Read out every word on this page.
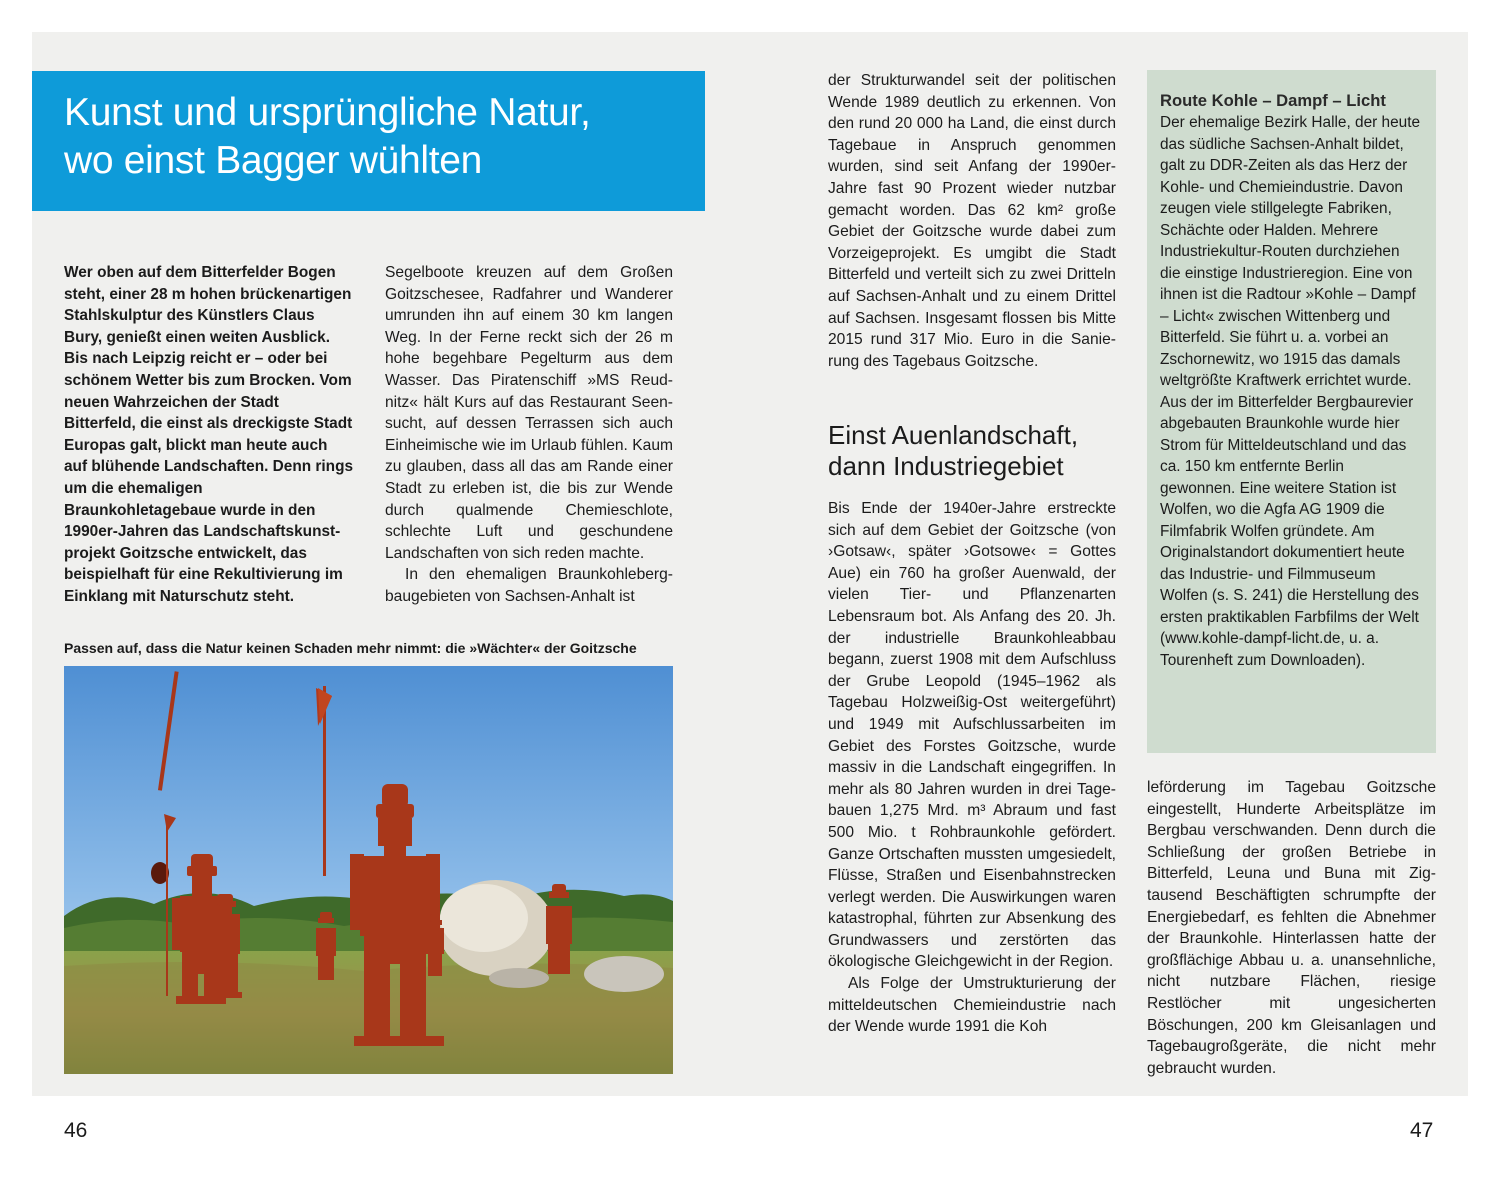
Kunst und ursprüngliche Natur,
wo einst Bagger wühlten

Wer oben auf dem Bitterfelder Bogen steht, einer 28 m hohen brückenartigen Stahlskulptur des Künstlers Claus Bury, genießt einen weiten Ausblick. Bis nach Leipzig reicht er – oder bei schönem Wetter bis zum Brocken. Vom neuen Wahrzeichen der Stadt Bitterfeld, die einst als dreckigste Stadt Europas galt, blickt man heute auch auf blühende Landschaften. Denn rings um die ehemaligen Braunkohletagebaue wurde in den 1990er-Jahren das Landschaftskunstprojekt Goitzsche entwickelt, das beispielhaft für eine Rekultivierung im Einklang mit Naturschutz steht.

Segelboote kreuzen auf dem Großen Goitzschesee, Radfahrer und Wanderer umrunden ihn auf einem 30 km langen Weg. In der Ferne reckt sich der 26 m hohe begehbare Pegelturm aus dem Wasser. Das Piratenschiff »MS Reudnitz« hält Kurs auf das Restaurant Seensucht, auf dessen Terrassen sich auch Einheimische wie im Urlaub fühlen. Kaum zu glauben, dass all das am Rande einer Stadt zu erleben ist, die bis zur Wende durch qualmende Chemieschlote, schlechte Luft und geschundene Landschaften von sich reden machte.

In den ehemaligen Braunkohlebergbaugebieten von Sachsen-Anhalt ist

Passen auf, dass die Natur keinen Schaden mehr nimmt: die »Wächter« der Goitzsche
46

der Strukturwandel seit der politischen Wende 1989 deutlich zu erkennen. Von den rund 20 000 ha Land, die einst durch Tagebaue in Anspruch genommen wurden, sind seit Anfang der 1990er-Jahre fast 90 Prozent wieder nutzbar gemacht worden. Das 62 km² große Gebiet der Goitzsche wurde dabei zum Vorzeigeprojekt. Es umgibt die Stadt Bitterfeld und verteilt sich zu zwei Dritteln auf Sachsen-Anhalt und zu einem Drittel auf Sachsen. Insgesamt flossen bis Mitte 2015 rund 317 Mio. Euro in die Sanierung des Tagebaus Goitzsche.

Einst Auenlandschaft,
dann Industriegebiet

Bis Ende der 1940er-Jahre erstreckte sich auf dem Gebiet der Goitzsche (von ›Gotsaw‹, später ›Gotsowe‹ = Gottes Aue) ein 760 ha großer Auenwald, der vielen Tier- und Pflanzenarten Lebensraum bot. Als Anfang des 20. Jh. der industrielle Braunkohleabbau begann, zuerst 1908 mit dem Aufschluss der Grube Leopold (1945–1962 als Tagebau Holzweißig-Ost weitergeführt) und 1949 mit Aufschlussarbeiten im Gebiet des Forstes Goitzsche, wurde massiv in die Landschaft eingegriffen. In mehr als 80 Jahren wurden in drei Tagebauen 1,275 Mrd. m³ Abraum und fast 500 Mio. t Rohbraunkohle gefördert. Ganze Ortschaften mussten umgesiedelt, Flüsse, Straßen und Eisenbahnstrecken verlegt werden. Die Auswirkungen waren katastrophal, führten zur Absenkung des Grundwassers und zerstörten das ökologische Gleichgewicht in der Region.

Als Folge der Umstrukturierung der mitteldeutschen Chemieindustrie nach der Wende wurde 1991 die Koh

Route Kohle – Dampf – Licht

Der ehemalige Bezirk Halle, der heute das südliche Sachsen-Anhalt bildet, galt zu DDR-Zeiten als das Herz der Kohle- und Chemieindustrie. Davon zeugen viele stillgelegte Fabriken, Schächte oder Halden. Mehrere Industriekultur-Routen durchziehen die einstige Industrieregion. Eine von ihnen ist die Radtour »Kohle – Dampf – Licht« zwischen Wittenberg und Bitterfeld. Sie führt u. a. vorbei an Zschornewitz, wo 1915 das damals weltgrößte Kraftwerk errichtet wurde. Aus der im Bitterfelder Bergbaurevier abgebauten Braunkohle wurde hier Strom für Mitteldeutschland und das ca. 150 km entfernte Berlin gewonnen. Eine weitere Station ist Wolfen, wo die Agfa AG 1909 die Filmfabrik Wolfen gründete. Am Originalstandort dokumentiert heute das Industrie- und Filmmuseum Wolfen (s. S. 241) die Herstellung des ersten praktikablen Farbfilms der Welt (www.kohle-dampf-licht.de, u. a. Tourenheft zum Downloaden).

leförderung im Tagebau Goitzsche eingestellt, Hunderte Arbeitsplätze im Bergbau verschwanden. Denn durch die Schließung der großen Betriebe in Bitterfeld, Leuna und Buna mit Zigtausend Beschäftigten schrumpfte der Energiebedarf, es fehlten die Abnehmer der Braunkohle. Hinterlassen hatte der großflächige Abbau u. a. unansehnliche, nicht nutzbare Flächen, riesige Restlöcher mit ungesicherten Böschungen, 200 km Gleisanlagen und Tagebaugroßgeräte, die nicht mehr gebraucht wurden.

47
